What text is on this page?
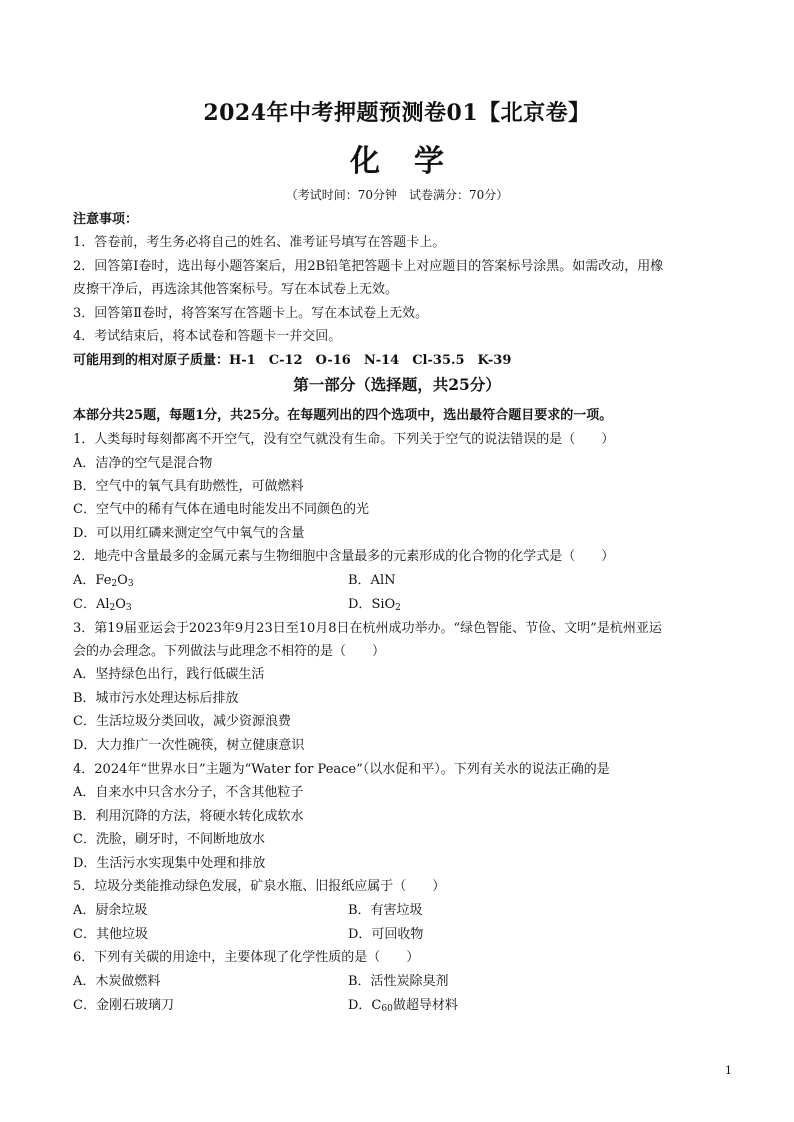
2024年中考押题预测卷01【北京卷】
化学
（考试时间：70分钟　试卷满分：70分）
注意事项：
1．答卷前，考生务必将自己的姓名、准考证号填写在答题卡上。
2．回答第Ⅰ卷时，选出每小题答案后，用2B铅笔把答题卡上对应题目的答案标号涂黑。如需改动，用橡
皮擦干净后，再选涂其他答案标号。写在本试卷上无效。
3．回答第Ⅱ卷时，将答案写在答题卡上。写在本试卷上无效。
4．考试结束后，将本试卷和答题卡一并交回。
可能用到的相对原子质量：H-1　C-12　O-16　N-14　Cl-35.5　K-39
第一部分（选择题，共25分）
本部分共25题，每题1分，共25分。在每题列出的四个选项中，选出最符合题目要求的一项。
1．人类每时每刻都离不开空气，没有空气就没有生命。下列关于空气的说法错误的是（　　）
A．洁净的空气是混合物
B．空气中的氧气具有助燃性，可做燃料
C．空气中的稀有气体在通电时能发出不同颜色的光
D．可以用红磷来测定空气中氧气的含量
2．地壳中含量最多的金属元素与生物细胞中含量最多的元素形成的化合物的化学式是（　　）
A．$Fe_2O_3$	B．AlN
C．$Al_2O_3$	D．SiO$_2$
3．第19届亚运会于2023年9月23日至10月8日在杭州成功举办。“绿色智能、节俭、文明”是杭州亚运
会的办会理念。下列做法与此理念不相符的是（　　）
A．坚持绿色出行，践行低碳生活
B．城市污水处理达标后排放
C．生活垃圾分类回收，减少资源浪费
D．大力推广一次性碗筷，树立健康意识
4．2024年“世界水日”主题为“Water for Peace”（以水促和平）。下列有关水的说法正确的是
A．自来水中只含水分子，不含其他粒子
B．利用沉降的方法，将硬水转化成软水
C．洗脸，刷牙时，不间断地放水
D．生活污水实现集中处理和排放
5．垃圾分类能推动绿色发展，矿泉水瓶、旧报纸应属于（　　）
A．厨余垃圾	B．有害垃圾
C．其他垃圾	D．可回收物
6．下列有关碳的用途中，主要体现了化学性质的是（　　）
A．木炭做燃料	B．活性炭除臭剂
C．金刚石玻璃刀	D．C60做超导材料
1
